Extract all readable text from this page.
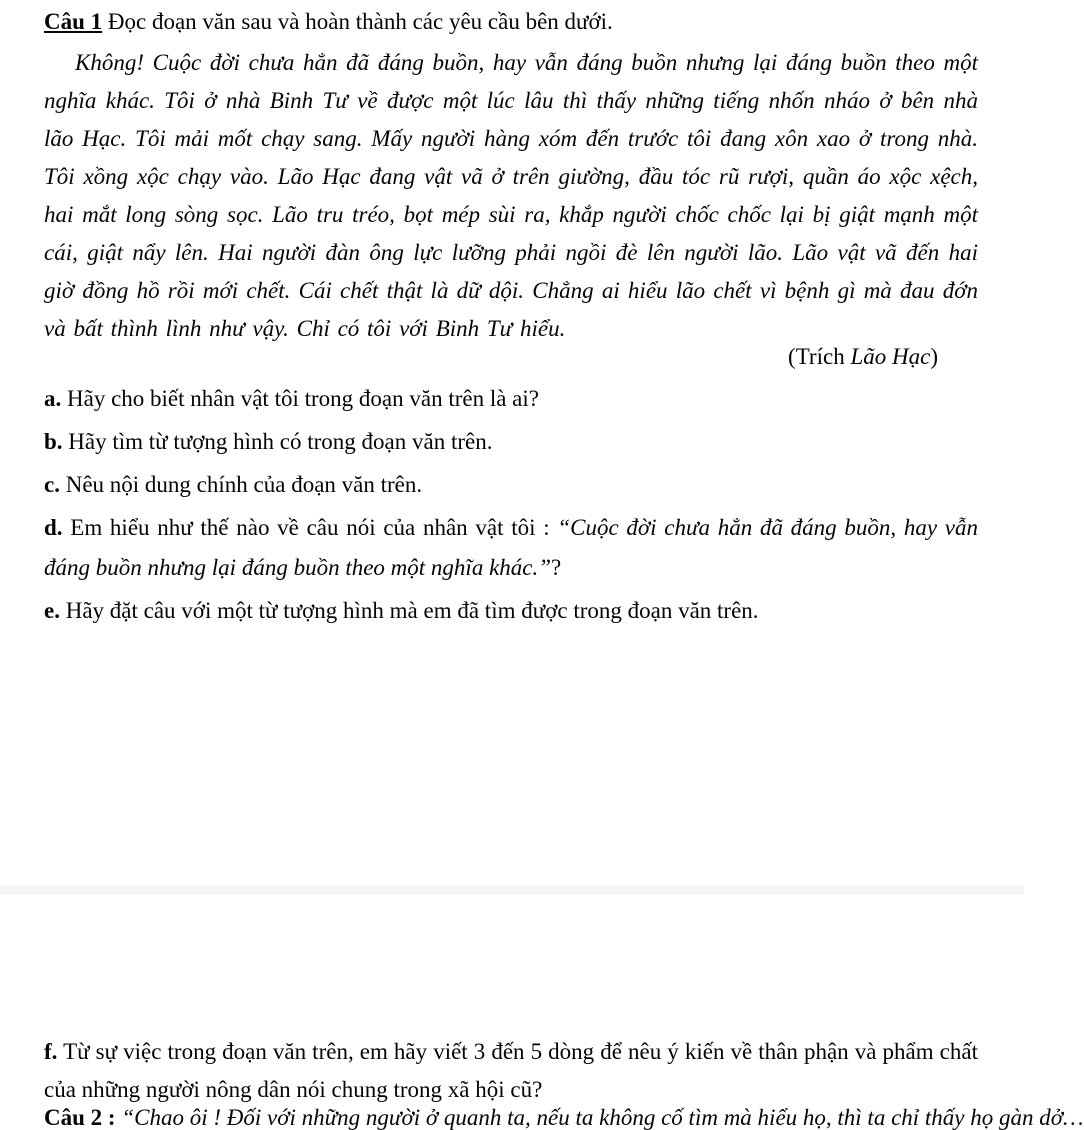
Câu 1 Đọc đoạn văn sau và hoàn thành các yêu cầu bên dưới.
Không! Cuộc đời chưa hẳn đã đáng buồn, hay vẫn đáng buồn nhưng lại đáng buồn theo một nghĩa khác. Tôi ở nhà Binh Tư về được một lúc lâu thì thấy những tiếng nhốn nháo ở bên nhà lão Hạc. Tôi mải mốt chạy sang. Mấy người hàng xóm đến trước tôi đang xôn xao ở trong nhà. Tôi xồng xộc chạy vào. Lão Hạc đang vật vã ở trên giường, đầu tóc rũ rượi, quần áo xộc xệch, hai mắt long sòng sọc. Lão tru tréo, bọt mép sùi ra, khắp người chốc chốc lại bị giật mạnh một cái, giật nẩy lên. Hai người đàn ông lực lưỡng phải ngồi đè lên người lão. Lão vật vã đến hai giờ đồng hồ rồi mới chết. Cái chết thật là dữ dội. Chẳng ai hiểu lão chết vì bệnh gì mà đau đớn và bất thình lình như vậy. Chỉ có tôi với Binh Tư hiểu.
(Trích Lão Hạc)
a. Hãy cho biết nhân vật tôi trong đoạn văn trên là ai?
b. Hãy tìm từ tượng hình có trong đoạn văn trên.
c. Nêu nội dung chính của đoạn văn trên.
d. Em hiểu như thế nào về câu nói của nhân vật tôi : “Cuộc đời chưa hẳn đã đáng buồn, hay vẫn đáng buồn nhưng lại đáng buồn theo một nghĩa khác.”?
e. Hãy đặt câu với một từ tượng hình mà em đã tìm được trong đoạn văn trên.
f. Từ sự việc trong đoạn văn trên, em hãy viết 3 đến 5 dòng để nêu ý kiến về thân phận và phẩm chất của những người nông dân nói chung trong xã hội cũ?
Câu 2 : “Chao ôi ! Đối với những người ở quanh ta, nếu ta không cố tìm mà hiểu họ, thì ta chỉ thấy họ gàn dở…
